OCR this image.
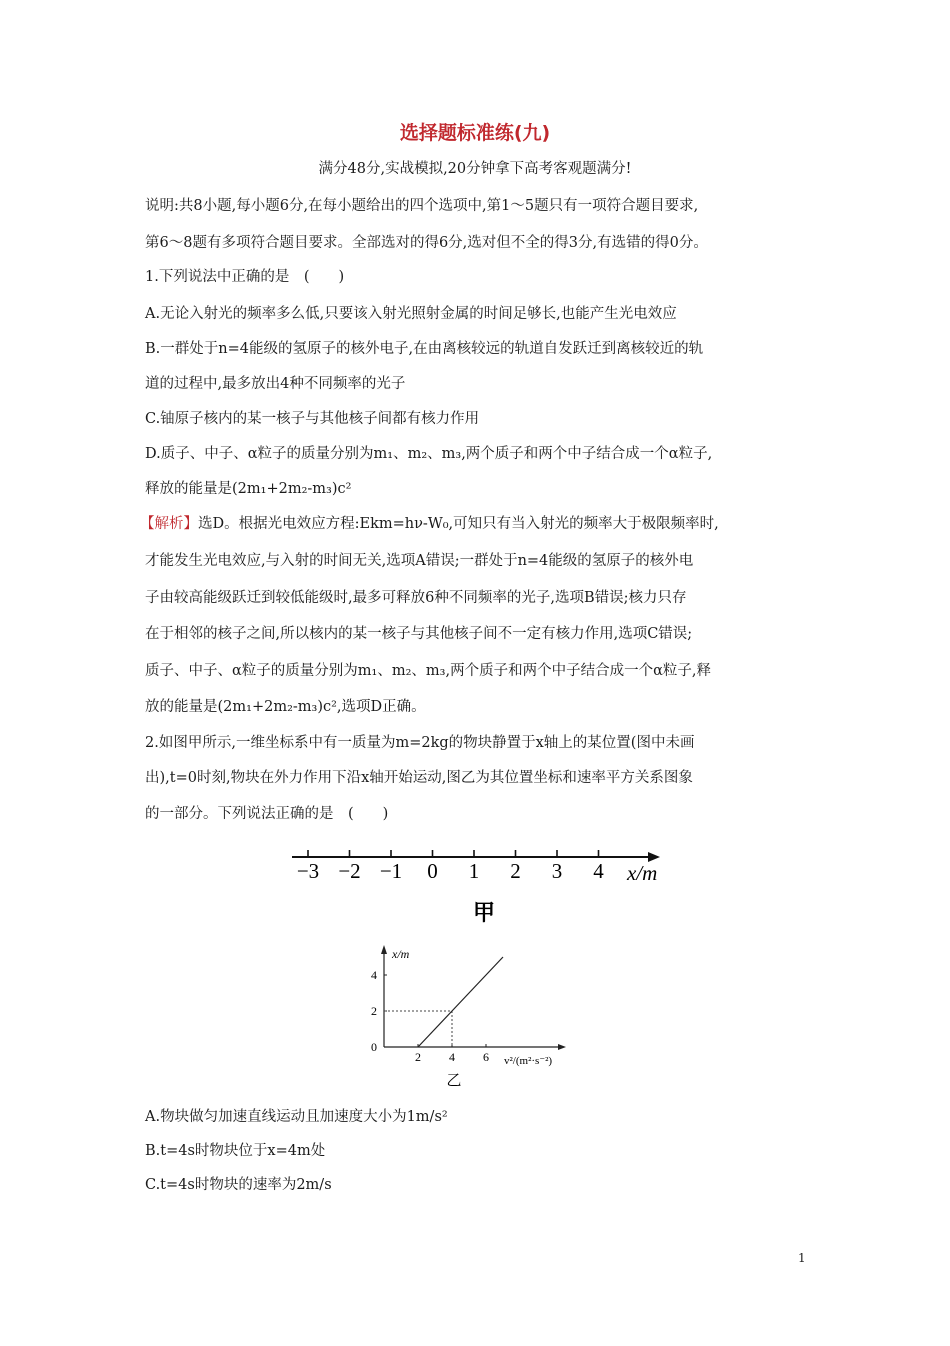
选择题标准练(九)
满分48分,实战模拟,20分钟拿下高考客观题满分!
说明:共8小题,每小题6分,在每小题给出的四个选项中,第1～5题只有一项符合题目要求,
第6～8题有多项符合题目要求。全部选对的得6分,选对但不全的得3分,有选错的得0分。
1.下列说法中正确的是　(　　)
A.无论入射光的频率多么低,只要该入射光照射金属的时间足够长,也能产生光电效应
B.一群处于n=4能级的氢原子的核外电子,在由离核较远的轨道自发跃迁到离核较近的轨
道的过程中,最多放出4种不同频率的光子
C.铀原子核内的某一核子与其他核子间都有核力作用
D.质子、中子、α粒子的质量分别为m₁、m₂、m₃,两个质子和两个中子结合成一个α粒子,
释放的能量是(2m₁+2m₂-m₃)c²
【解析】选D。根据光电效应方程:Ekm=hν-W₀,可知只有当入射光的频率大于极限频率时,
才能发生光电效应,与入射的时间无关,选项A错误;一群处于n=4能级的氢原子的核外电
子由较高能级跃迁到较低能级时,最多可释放6种不同频率的光子,选项B错误;核力只存
在于相邻的核子之间,所以核内的某一核子与其他核子间不一定有核力作用,选项C错误;
质子、中子、α粒子的质量分别为m₁、m₂、m₃,两个质子和两个中子结合成一个α粒子,释
放的能量是(2m₁+2m₂-m₃)c²,选项D正确。
2.如图甲所示,一维坐标系中有一质量为m=2kg的物块静置于x轴上的某位置(图中未画
出),t=0时刻,物块在外力作用下沿x轴开始运动,图乙为其位置坐标和速率平方关系图象
的一部分。下列说法正确的是　(　　)
−3 −2 −1 0 1 2 3 4 x/m
甲
x/m
v²/(m²·s⁻²)
乙
2 4 6
0
2
4
A.物块做匀加速直线运动且加速度大小为1m/s²
B.t=4s时物块位于x=4m处
C.t=4s时物块的速率为2m/s
1
